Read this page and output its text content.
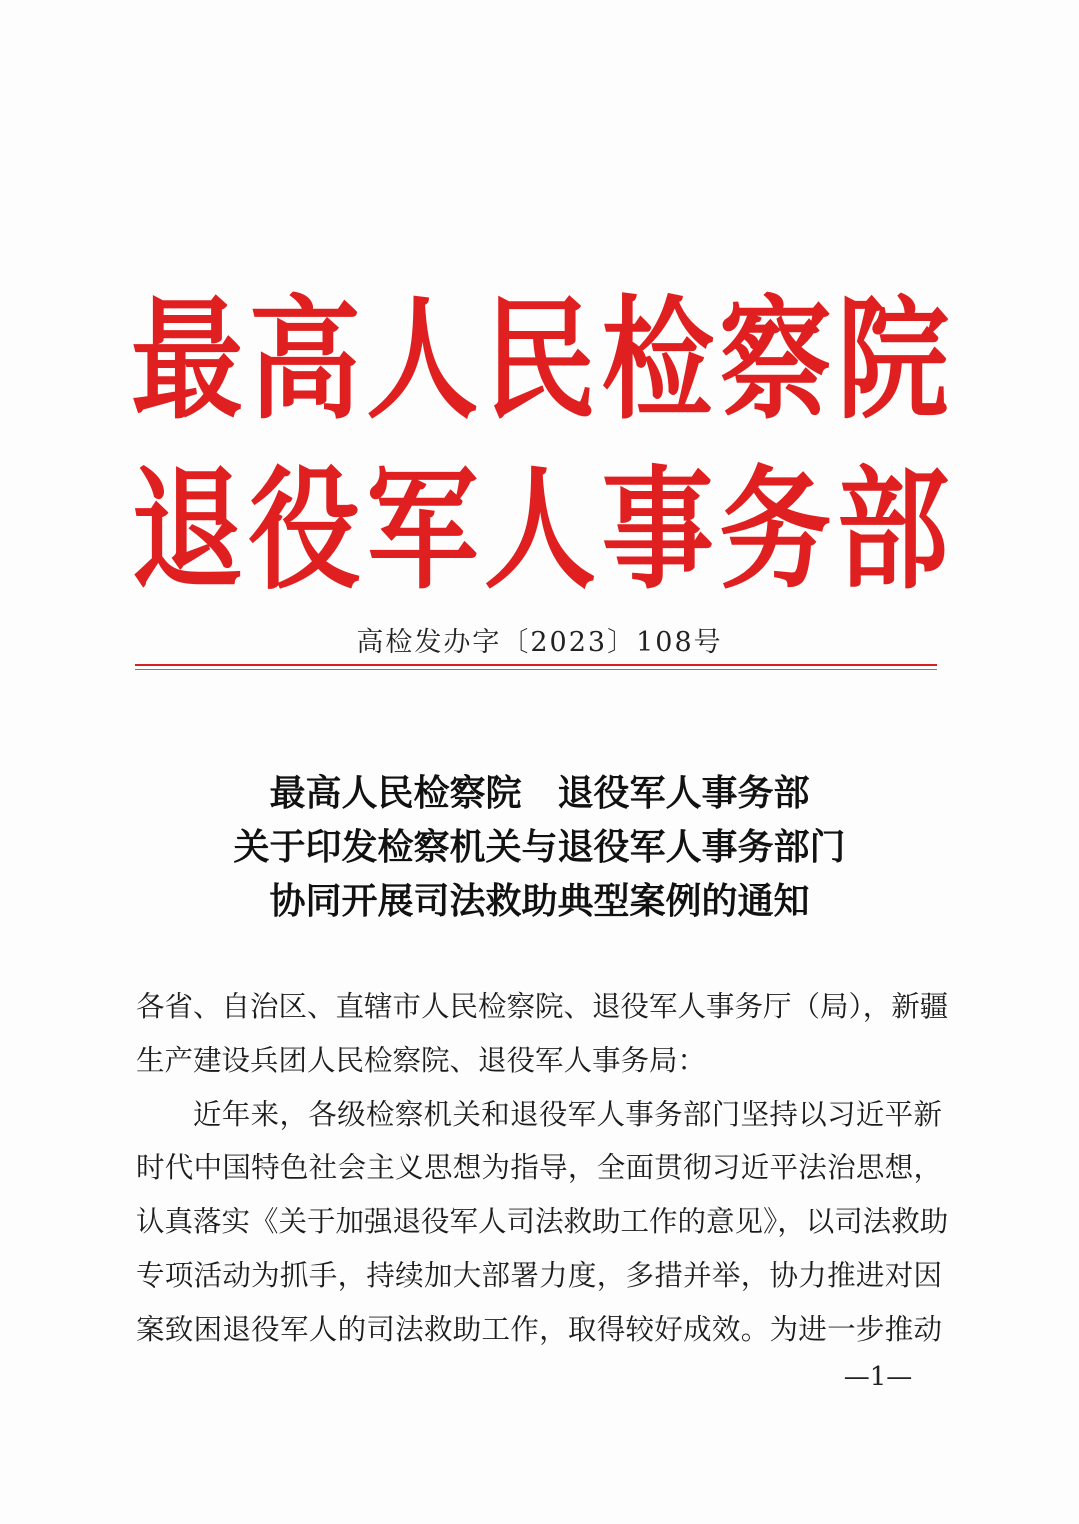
最 高 人 民 检 察 院
退 役 军 人 事 务 部
高检发办字〔2023〕108号
最高人民检察院　退役军人事务部
关于印发检察机关与退役军人事务部门
协同开展司法救助典型案例的通知
各省、自治区、直辖市人民检察院、退役军人事务厅（局），新疆
生产建设兵团人民检察院、退役军人事务局：
近年来，各级检察机关和退役军人事务部门坚持以习近平新
时代中国特色社会主义思想为指导，全面贯彻习近平法治思想，
认真落实《关于加强退役军人司法救助工作的意见》，以司法救助
专项活动为抓手，持续加大部署力度，多措并举，协力推进对因
案致困退役军人的司法救助工作，取得较好成效。为进一步推动
—1—
